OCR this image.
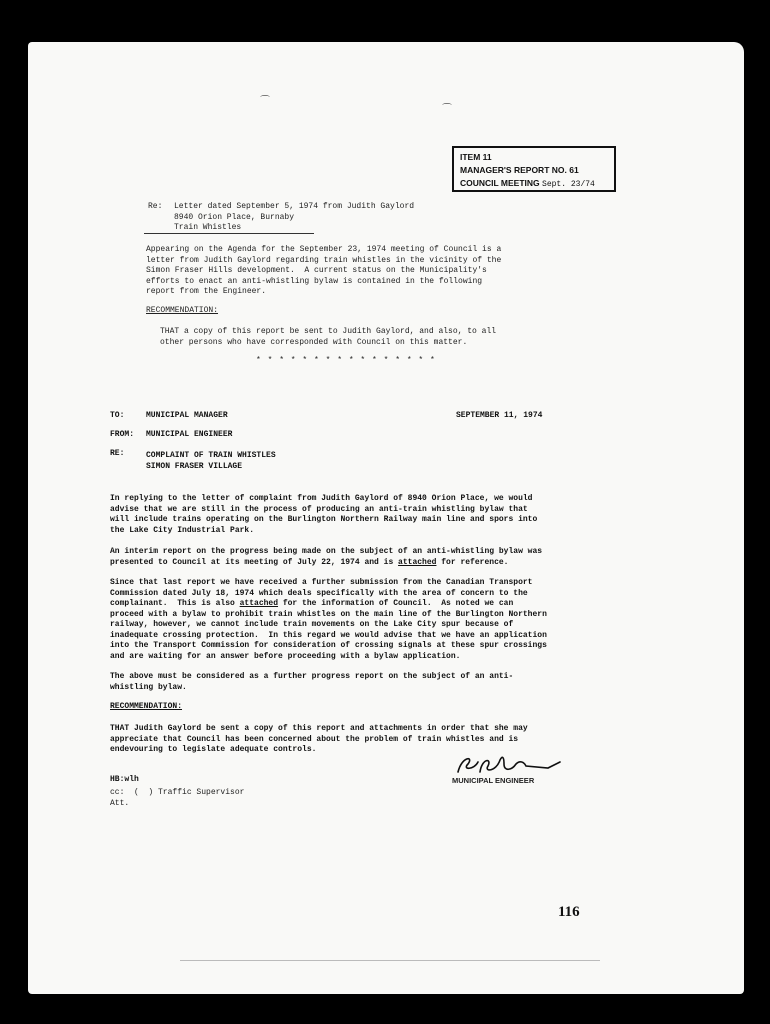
⌒
⌒
ITEM 11
MANAGER'S REPORT NO. 61
COUNCIL MEETING Sept. 23/74
Re: Letter dated September 5, 1974 from Judith Gaylord
8940 Orion Place, Burnaby
Train Whistles
Appearing on the Agenda for the September 23, 1974 meeting of Council is a
letter from Judith Gaylord regarding train whistles in the vicinity of the
Simon Fraser Hills development.  A current status on the Municipality's
efforts to enact an anti-whistling bylaw is contained in the following
report from the Engineer.
RECOMMENDATION:
THAT a copy of this report be sent to Judith Gaylord, and also, to all
other persons who have corresponded with Council on this matter.
* * * * * * * * * * * * * * * *
TO:	MUNICIPAL MANAGER	SEPTEMBER 11, 1974
FROM: MUNICIPAL ENGINEER
RE:	COMPLAINT OF TRAIN WHISTLES
SIMON FRASER VILLAGE
In replying to the letter of complaint from Judith Gaylord of 8940 Orion Place, we would
advise that we are still in the process of producing an anti-train whistling bylaw that
will include trains operating on the Burlington Northern Railway main line and spors into
the Lake City Industrial Park.
An interim report on the progress being made on the subject of an anti-whistling bylaw was
presented to Council at its meeting of July 22, 1974 and is attached for reference.
Since that last report we have received a further submission from the Canadian Transport
Commission dated July 18, 1974 which deals specifically with the area of concern to the
complainant.  This is also attached for the information of Council.  As noted we can
proceed with a bylaw to prohibit train whistles on the main line of the Burlington Northern
railway, however, we cannot include train movements on the Lake City spur because of
inadequate crossing protection.  In this regard we would advise that we have an application
into the Transport Commission for consideration of crossing signals at these spur crossings
and are waiting for an answer before proceeding with a bylaw application.
The above must be considered as a further progress report on the subject of an anti-
whistling bylaw.
RECOMMENDATION:
THAT Judith Gaylord be sent a copy of this report and attachments in order that she may
appreciate that Council has been concerned about the problem of train whistles and is
endevouring to legislate adequate controls.
MUNICIPAL ENGINEER
HB:wlh
cc:  (  ) Traffic Supervisor
Att.
116
